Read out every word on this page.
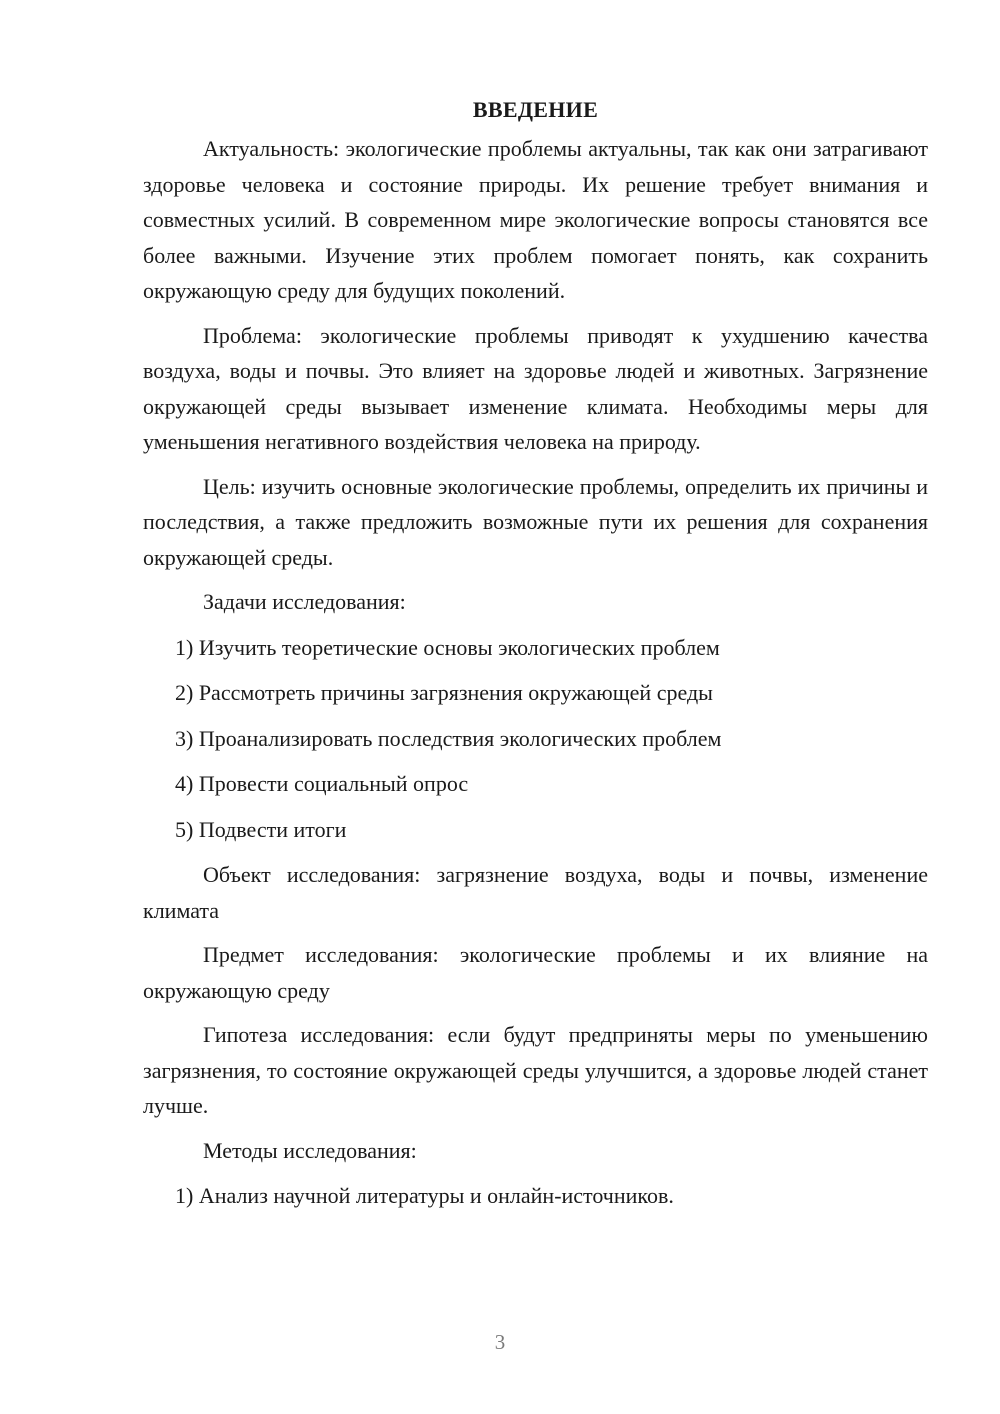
ВВЕДЕНИЕ

Актуальность: экологические проблемы актуальны, так как они затрагивают здоровье человека и состояние природы. Их решение требует внимания и совместных усилий. В современном мире экологические вопросы становятся все более важными. Изучение этих проблем помогает понять, как сохранить окружающую среду для будущих поколений.

Проблема: экологические проблемы приводят к ухудшению качества воздуха, воды и почвы. Это влияет на здоровье людей и животных. Загрязнение окружающей среды вызывает изменение климата. Необходимы меры для уменьшения негативного воздействия человека на природу.

Цель: изучить основные экологические проблемы, определить их причины и последствия, а также предложить возможные пути их решения для сохранения окружающей среды.

Задачи исследования:
1) Изучить теоретические основы экологических проблем
2) Рассмотреть причины загрязнения окружающей среды
3) Проанализировать последствия экологических проблем
4) Провести социальный опрос
5) Подвести итоги

Объект исследования: загрязнение воздуха, воды и почвы, изменение климата

Предмет исследования: экологические проблемы и их влияние на окружающую среду

Гипотеза исследования: если будут предприняты меры по уменьшению загрязнения, то состояние окружающей среды улучшится, а здоровье людей станет лучше.

Методы исследования:
1) Анализ научной литературы и онлайн-источников.
3
